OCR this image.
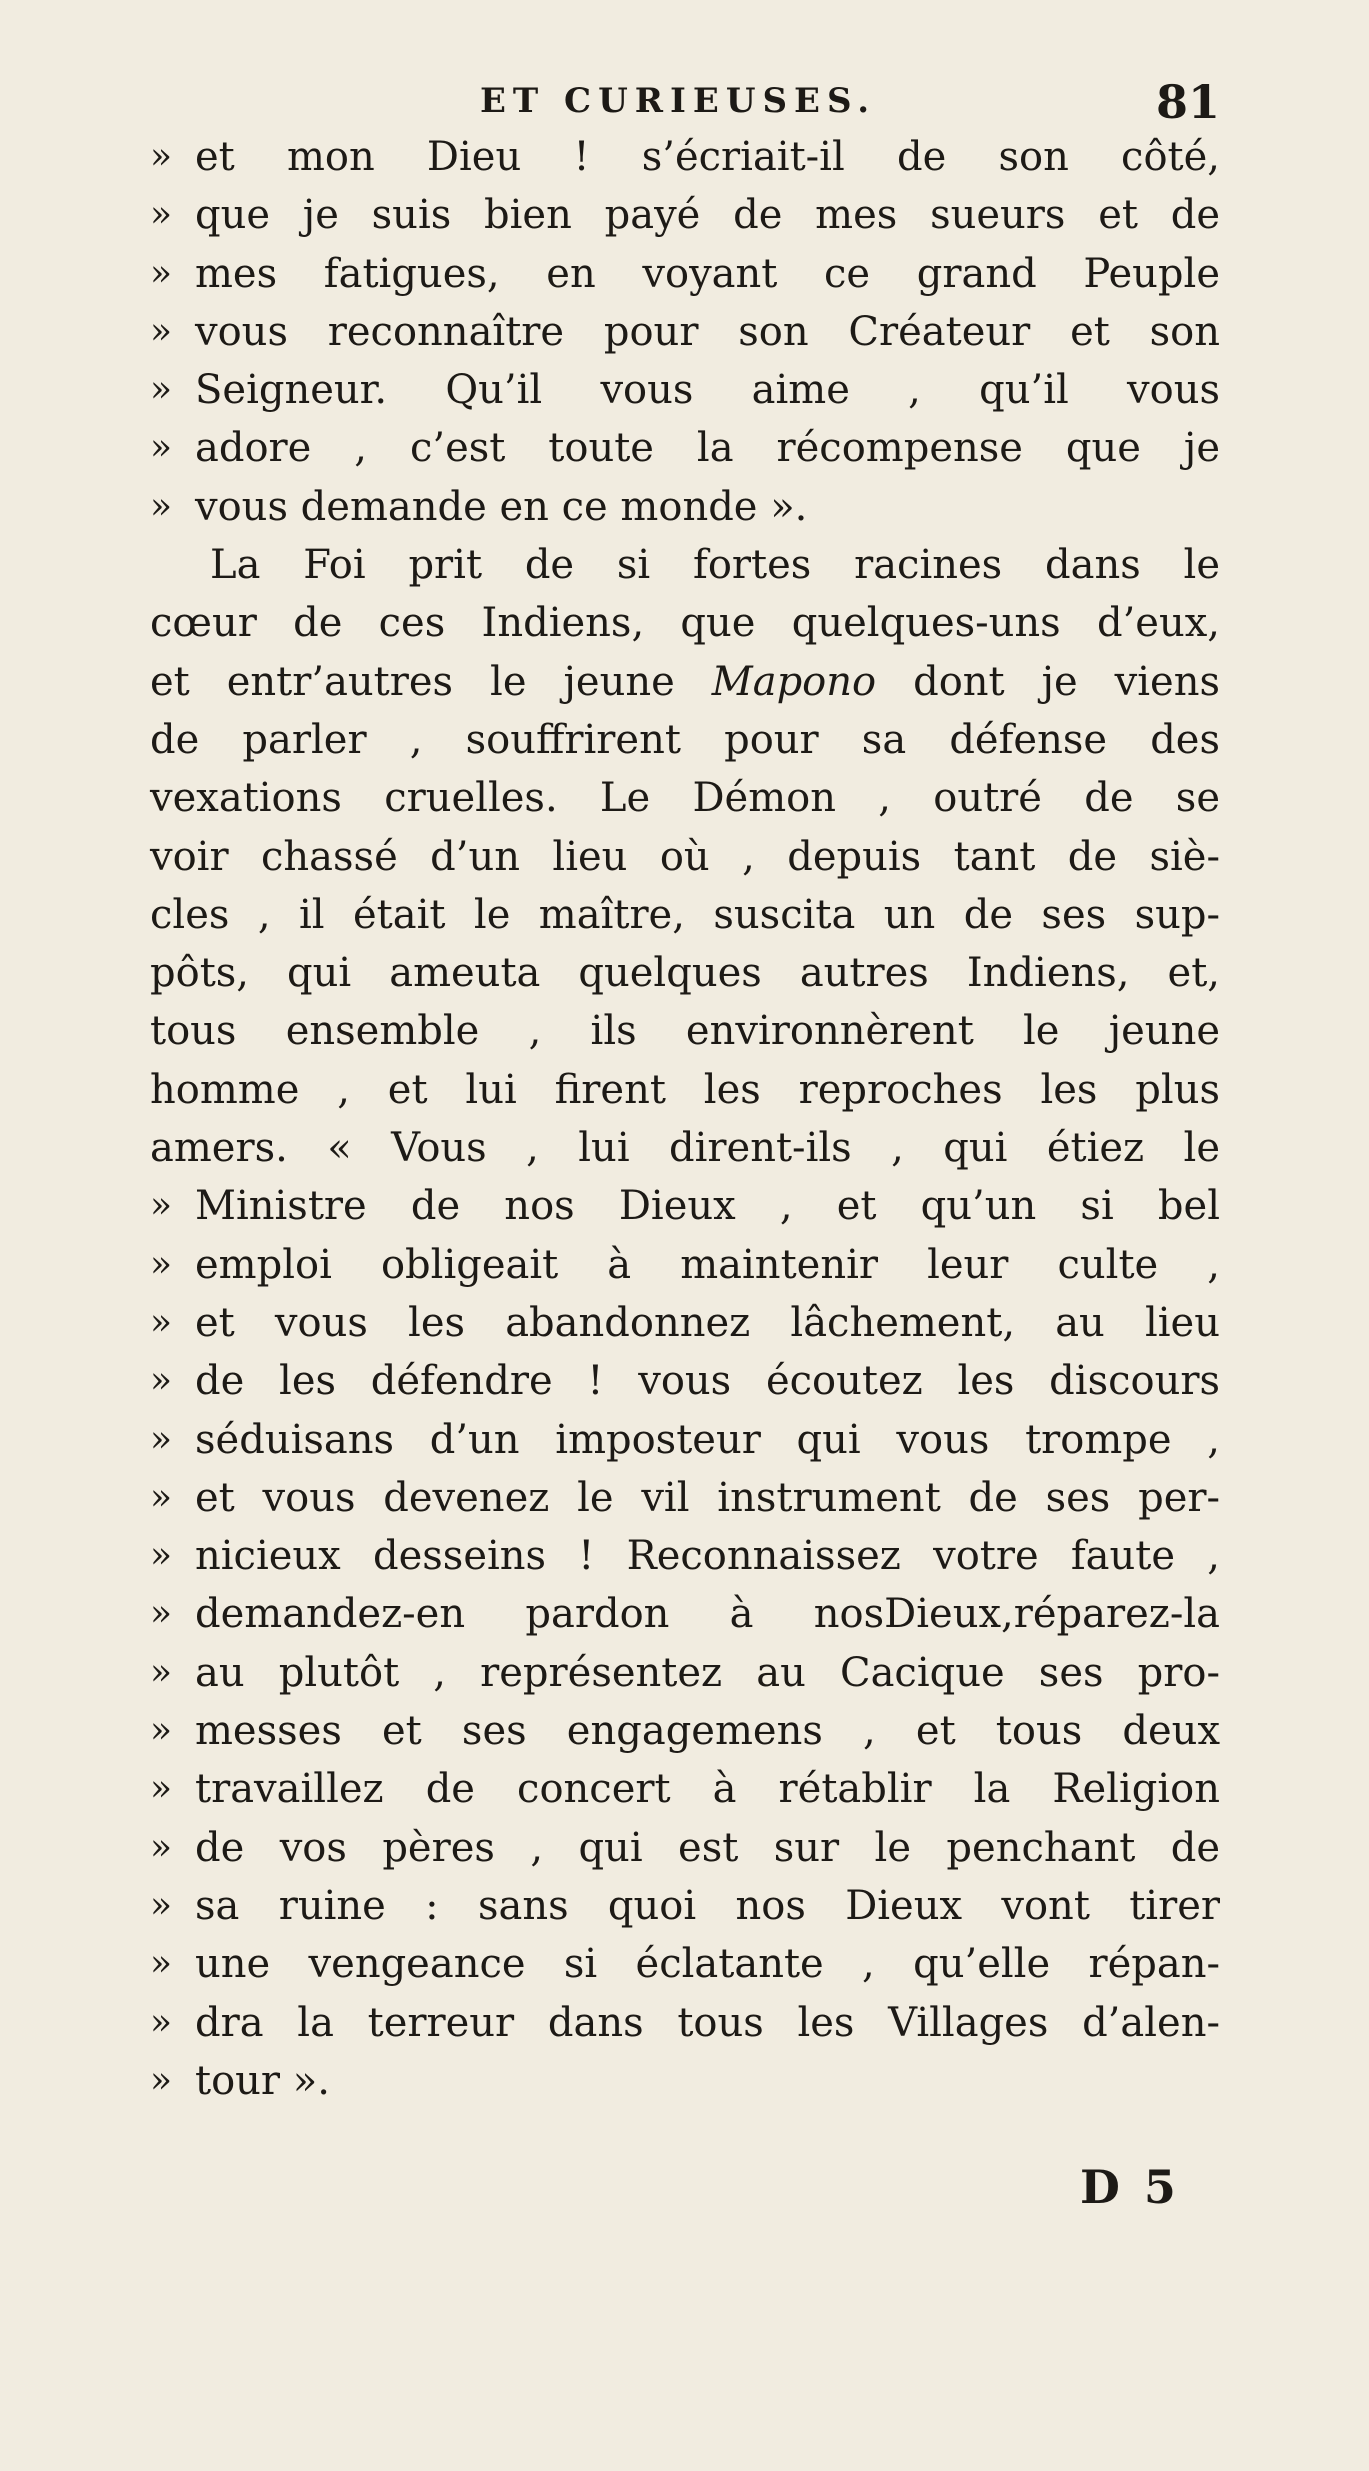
ET CURIEUSES.	81
» et mon Dieu ! s’écriait-il de son côté,
» que je suis bien payé de mes sueurs et de
» mes fatigues, en voyant ce grand Peuple
» vous reconnaître pour son Créateur et son
» Seigneur. Qu’il vous aime , qu’il vous
» adore , c’est toute la récompense que je
» vous demande en ce monde ».
La Foi prit de si fortes racines dans le
cœur de ces Indiens, que quelques-uns d’eux,
et entr’autres le jeune Mapono dont je viens
de parler , souffrirent pour sa défense des
vexations cruelles. Le Démon , outré de se
voir chassé d’un lieu où , depuis tant de siè-
cles , il était le maître, suscita un de ses sup-
pôts, qui ameuta quelques autres Indiens, et,
tous ensemble , ils environnèrent le jeune
homme , et lui firent les reproches les plus
amers. « Vous , lui dirent-ils , qui étiez le
» Ministre de nos Dieux , et qu’un si bel
» emploi obligeait à maintenir leur culte ,
» et vous les abandonnez lâchement, au lieu
» de les défendre ! vous écoutez les discours
» séduisans d’un imposteur qui vous trompe ,
» et vous devenez le vil instrument de ses per-
» nicieux desseins ! Reconnaissez votre faute ,
» demandez-en pardon à nosDieux,réparez-la
» au plutôt , représentez au Cacique ses pro-
» messes et ses engagemens , et tous deux
» travaillez de concert à rétablir la Religion
» de vos pères , qui est sur le penchant de
» sa ruine : sans quoi nos Dieux vont tirer
» une vengeance si éclatante , qu’elle répan-
» dra la terreur dans tous les Villages d’alen-
» tour ».
D 5
